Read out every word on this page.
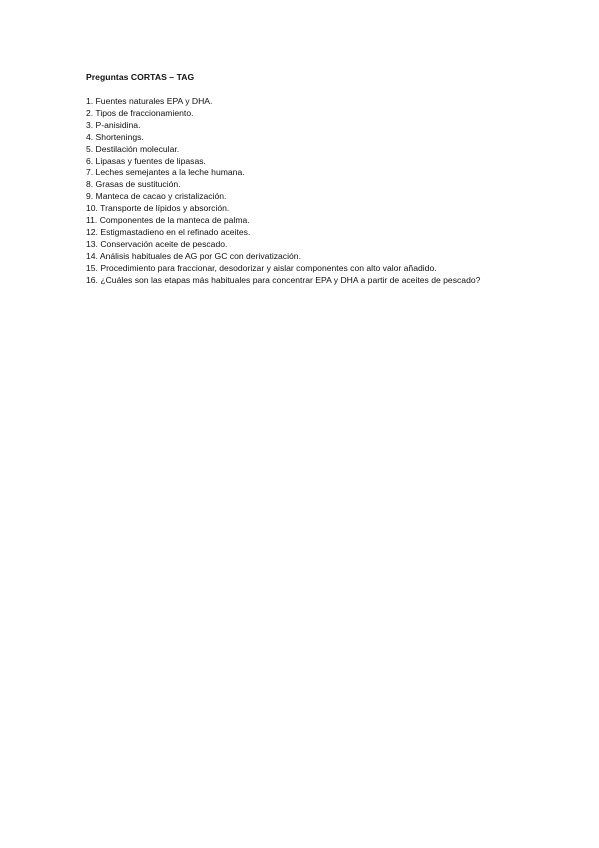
Preguntas CORTAS – TAG
1. Fuentes naturales EPA y DHA.
2. Tipos de fraccionamiento.
3. P-anisidina.
4. Shortenings.
5. Destilación molecular.
6. Lipasas y fuentes de lipasas.
7. Leches semejantes a la leche humana.
8. Grasas de sustitución.
9. Manteca de cacao y cristalización.
10. Transporte de lípidos y absorción.
11. Componentes de la manteca de palma.
12. Estigmastadieno en el refinado aceites.
13. Conservación aceite de pescado.
14. Análisis habituales de AG por GC con derivatización.
15. Procedimiento para fraccionar, desodorizar y aislar componentes con alto valor añadido.
16. ¿Cuáles son las etapas más habituales para concentrar EPA y DHA a partir de aceites de pescado?
